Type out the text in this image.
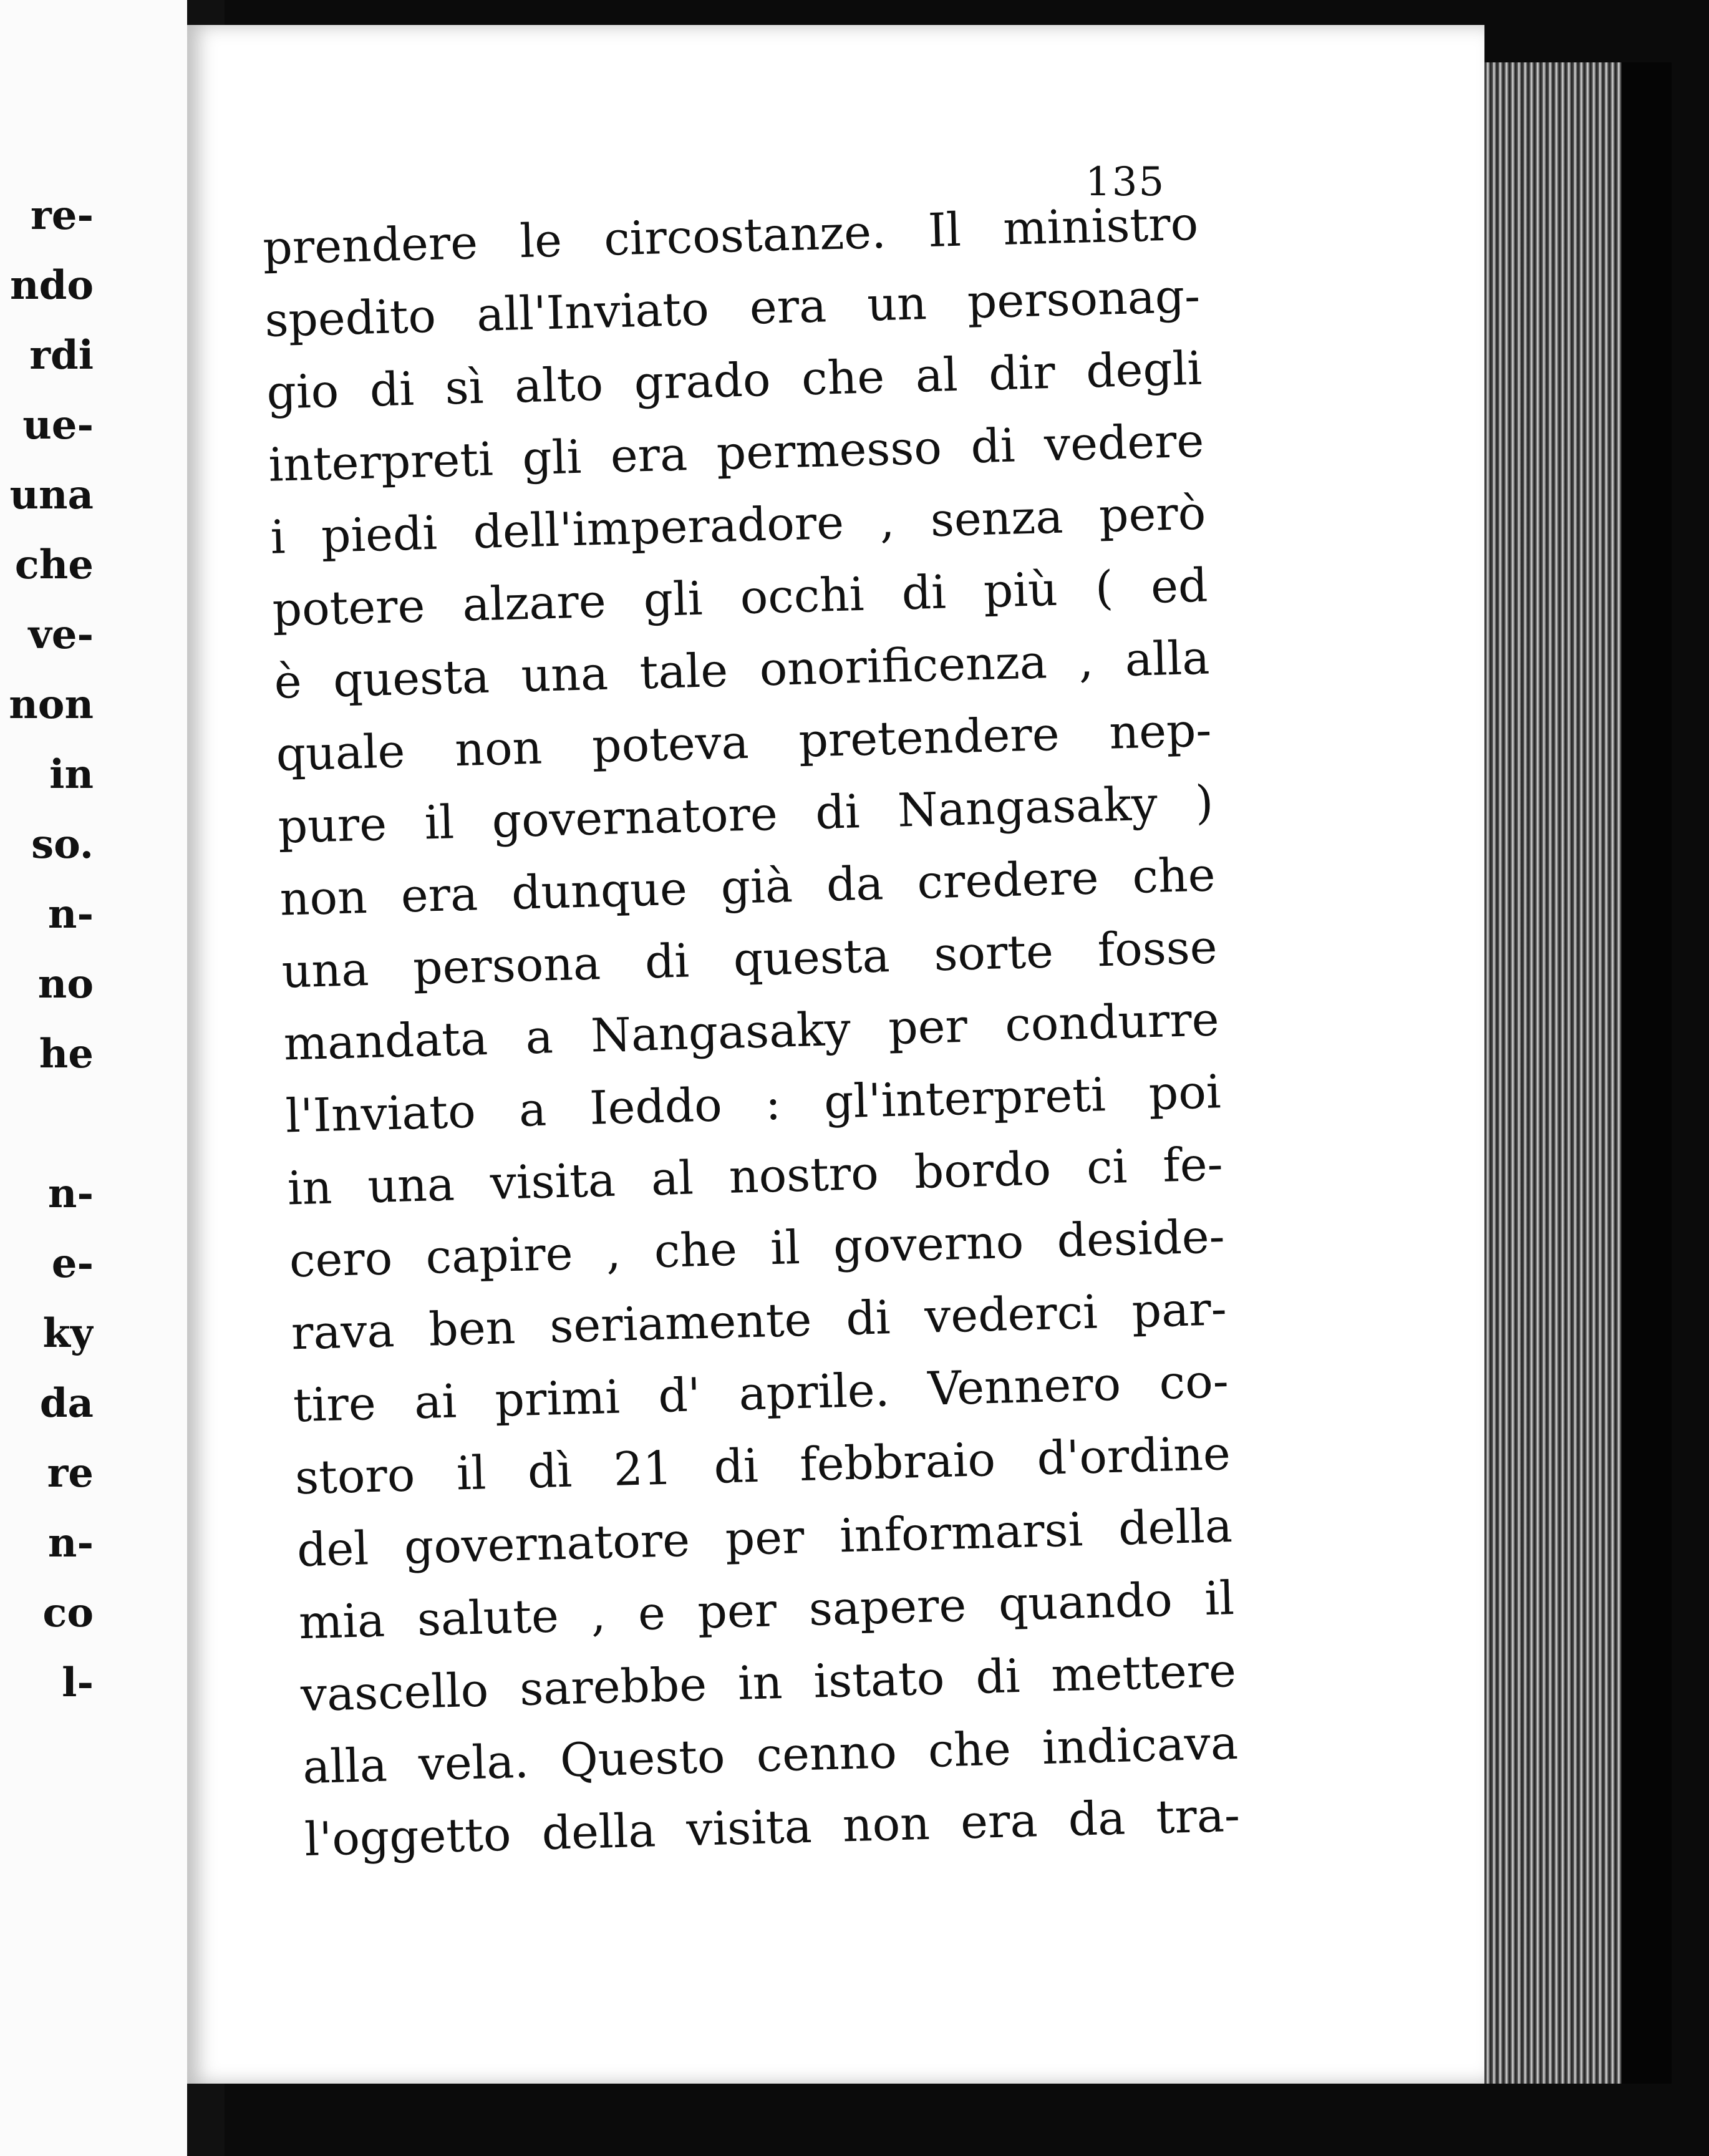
re-
ndo
rdi
ue-
una
che
ve-
non
in
so.
n-
no
he
n-
e-
ky
da
re
n-
co
l-
135
prendere le circostanze. Il ministro
spedito all'Inviato era un personag-
gio di sì alto grado che al dir degli
interpreti gli era permesso di vedere
i piedi dell'imperadore , senza però
potere alzare gli occhi di più ( ed
è questa una tale onorificenza , alla
quale non poteva pretendere nep-
pure il governatore di Nangasaky )
non era dunque già da credere che
una persona di questa sorte fosse
mandata a Nangasaky per condurre
l'Inviato a Ieddo : gl'interpreti poi
in una visita al nostro bordo ci fe-
cero capire , che il governo deside-
rava ben seriamente di vederci par-
tire ai primi d' aprile. Vennero co-
storo il dì 21 di febbraio d'ordine
del governatore per informarsi della
mia salute , e per sapere quando il
vascello sarebbe in istato di mettere
alla vela. Questo cenno che indicava
l'oggetto della visita non era da tra-
